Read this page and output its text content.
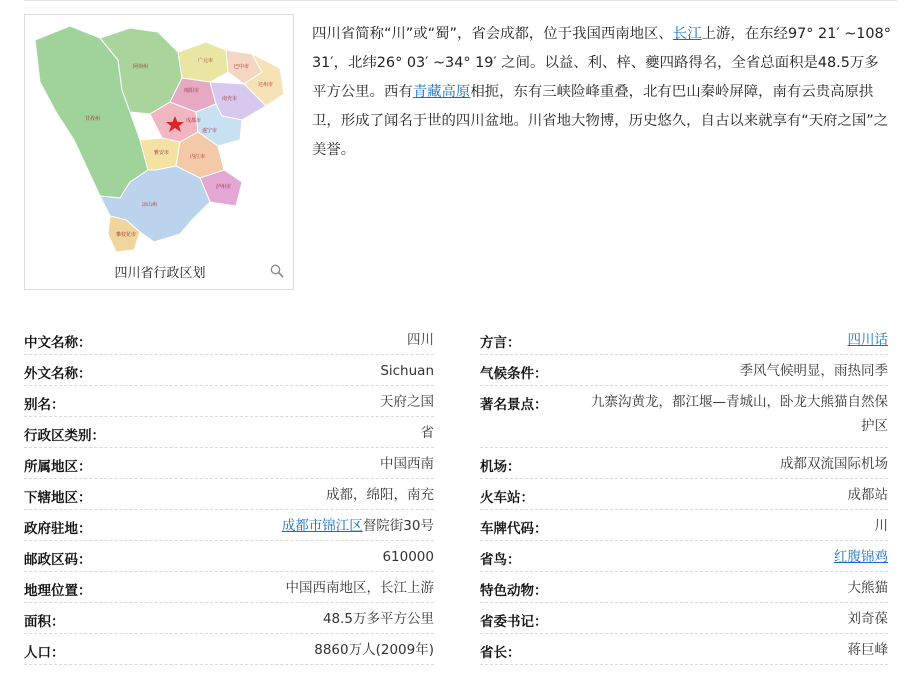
阿坝州
甘孜州
广元市
巴中市
达州市
绵阳市
南充市
成都市
遂宁市
雅安市
内江市
泸州市
凉山州
攀枝花市
四川省行政区划

四川省简称“川”或“蜀”，省会成都，位于我国西南地区、长江上游，在东经97° 21′ ~108° 31′，北纬26° 03′ ~34° 19′ 之间。以益、利、梓、夔四路得名，全省总面积是48.5万多平方公里。西有青藏高原相扼，东有三峡险峰重叠，北有巴山秦岭屏障，南有云贵高原拱卫，形成了闻名于世的四川盆地。川省地大物博，历史悠久，自古以来就享有“天府之国”之美誉。

中文名称：	四川
外文名称：	Sichuan
别名：	天府之国
行政区类别：	省
所属地区：	中国西南
下辖地区：	成都，绵阳，南充
政府驻地：	成都市锦江区督院街30号
邮政区码：	610000
地理位置：	中国西南地区，长江上游
面积：	48.5万多平方公里
人口：	8860万人(2009年)
方言：	四川话
气候条件：	季风气候明显，雨热同季
著名景点：	九寨沟黄龙，都江堰—青城山，卧龙大熊猫自然保护区
机场：	成都双流国际机场
火车站：	成都站
车牌代码：	川
省鸟：	红腹锦鸡
特色动物：	大熊猫
省委书记：	刘奇葆
省长：	蒋巨峰
